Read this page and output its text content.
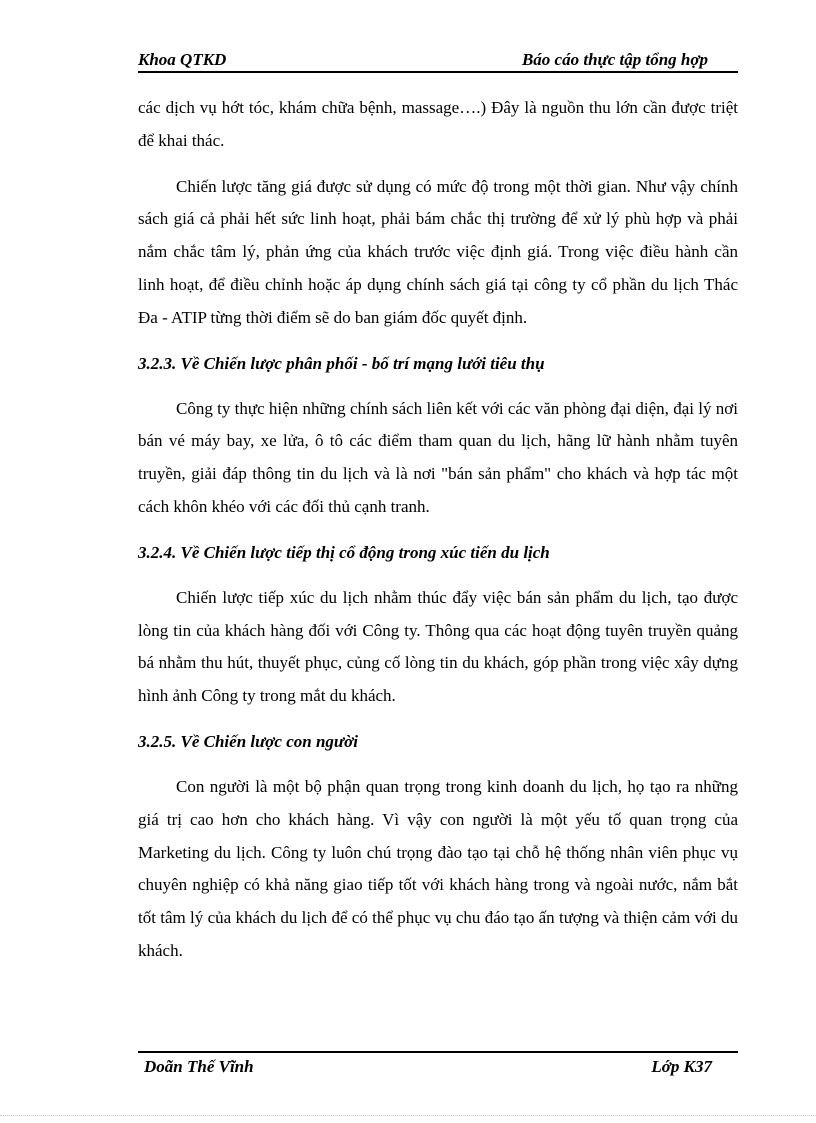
Khoa QTKD	Báo cáo thực tập tổng hợp

các dịch vụ hớt tóc, khám chữa bệnh, massage….) Đây là nguồn thu lớn cần được triệt để khai thác.

Chiến lược tăng giá được sử dụng có mức độ trong một thời gian. Như vậy chính sách giá cả phải hết sức linh hoạt, phải bám chắc thị trường để xử lý phù hợp và phải nắm chắc tâm lý, phản ứng của khách trước việc định giá. Trong việc điều hành cần linh hoạt, để điều chỉnh hoặc áp dụng chính sách giá tại công ty cổ phần du lịch Thác Đa - ATIP từng thời điểm sẽ do ban giám đốc quyết định.

3.2.3. Về Chiến lược phân phối - bố trí mạng lưới tiêu thụ

Công ty thực hiện những chính sách liên kết với các văn phòng đại diện, đại lý nơi bán vé máy bay, xe lửa, ô tô các điểm tham quan du lịch, hãng lữ hành nhằm tuyên truyền, giải đáp thông tin du lịch và là nơi "bán sản phẩm" cho khách và hợp tác một cách khôn khéo với các đối thủ cạnh tranh.

3.2.4. Về Chiến lược tiếp thị cổ động trong xúc tiến du lịch

Chiến lược tiếp xúc du lịch nhằm thúc đẩy việc bán sản phẩm du lịch, tạo được lòng tin của khách hàng đối với Công ty. Thông qua các hoạt động tuyên truyền quảng bá nhằm thu hút, thuyết phục, củng cố lòng tin du khách, góp phần trong việc xây dựng hình ảnh Công ty trong mắt du khách.

3.2.5. Về Chiến lược con người

Con người là một bộ phận quan trọng trong kinh doanh du lịch, họ tạo ra những giá trị cao hơn cho khách hàng. Vì vậy con người là một yếu tố quan trọng của Marketing du lịch. Công ty luôn chú trọng đào tạo tại chỗ hệ thống nhân viên phục vụ chuyên nghiệp có khả năng giao tiếp tốt với khách hàng trong và ngoài nước, nắm bắt tốt tâm lý của khách du lịch để có thể phục vụ chu đáo tạo ấn tượng và thiện cảm với du khách.

Doãn Thế Vĩnh	Lớp K37
